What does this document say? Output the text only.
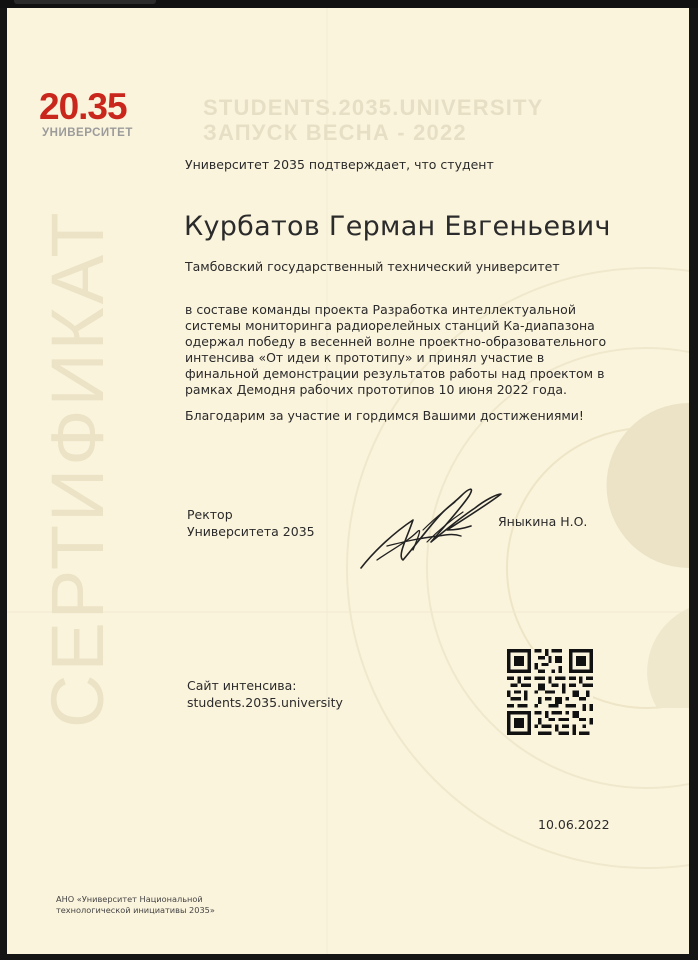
СЕРТИФИКАТ
20.35
УНИВЕРСИТЕТ
STUDENTS.2035.UNIVERSITY
ЗАПУСК ВЕСНА - 2022
Университет 2035 подтверждает, что студент
Курбатов Герман Евгеньевич
Тамбовский государственный технический университет
в составе команды проекта Разработка интеллектуальной
системы мониторинга радиорелейных станций Ка-диапазона
одержал победу в весенней волне проектно-образовательного
интенсива «От идеи к прототипу» и принял участие в
финальной демонстрации результатов работы над проектом в
рамках Демодня рабочих прототипов 10 июня 2022 года.
Благодарим за участие и гордимся Вашими достижениями!
Ректор
Университета 2035
Яныкина Н.О.
Сайт интенсива:
students.2035.university
10.06.2022
АНО «Университет Национальной
технологической инициативы 2035»
